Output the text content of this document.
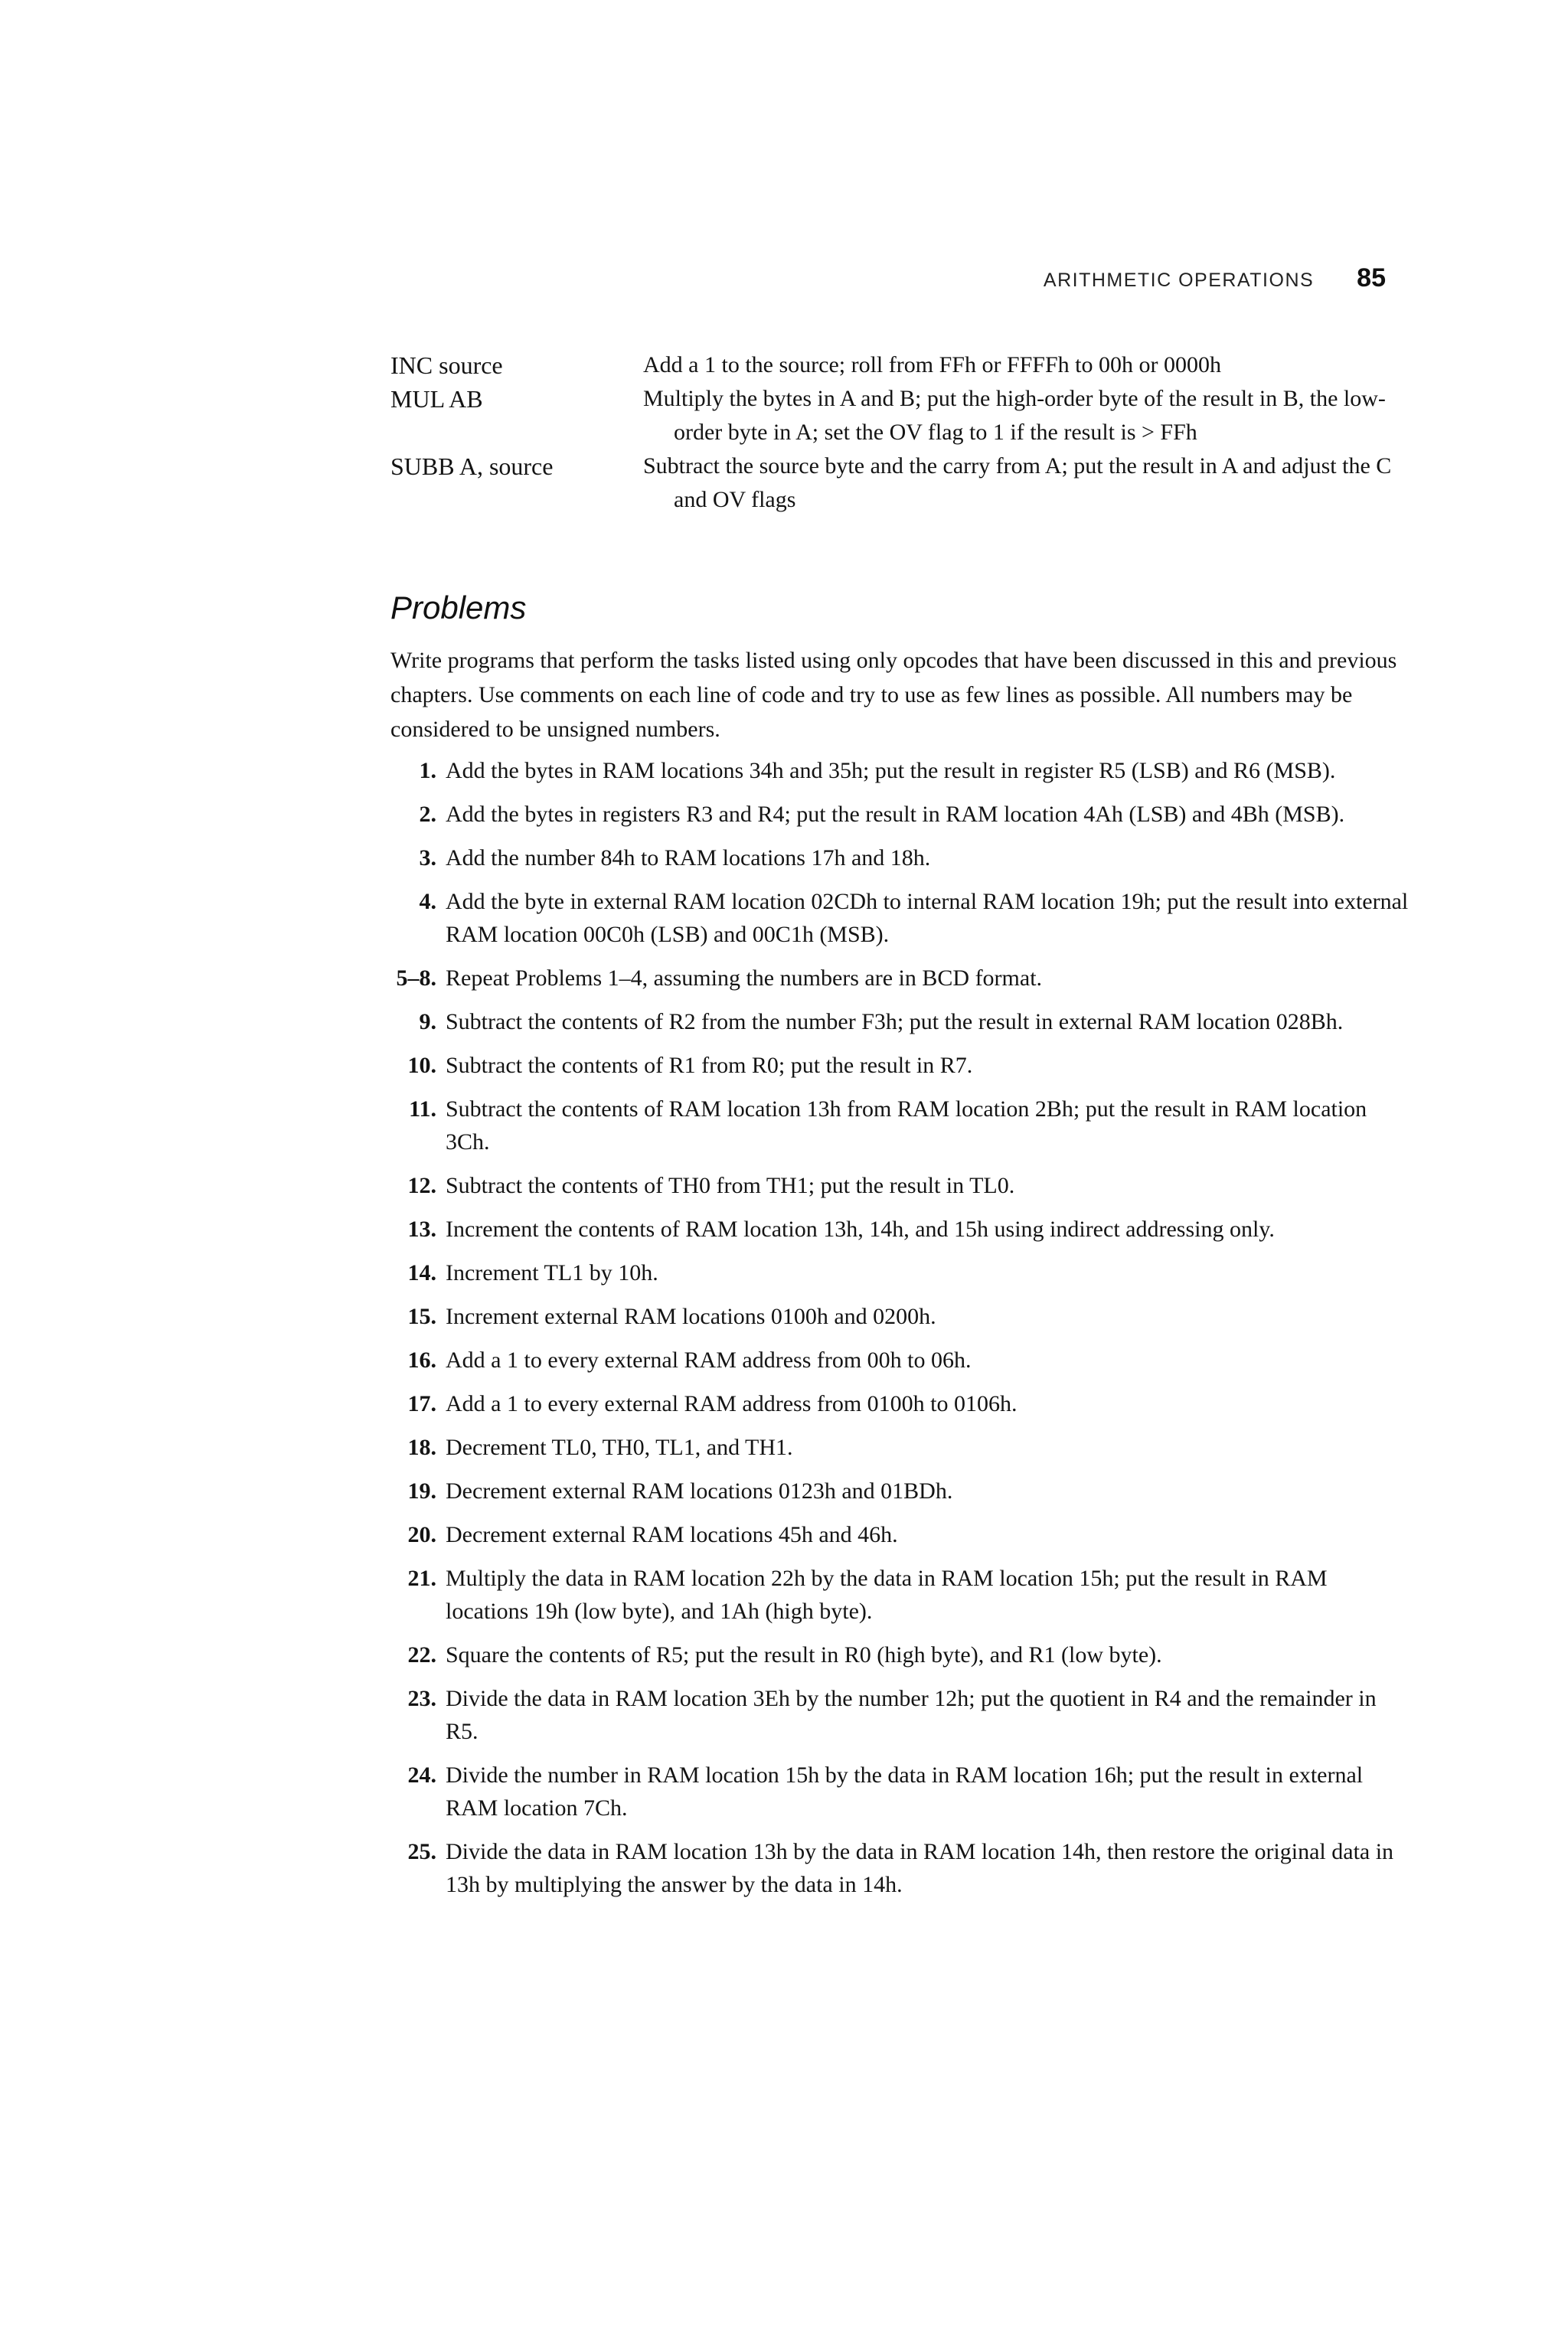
ARITHMETIC OPERATIONS 85
INC source	Add a 1 to the source; roll from FFh or FFFFh to 00h or 0000h
MUL AB	Multiply the bytes in A and B; put the high-order byte of the result in B, the low-order byte in A; set the OV flag to 1 if the result is > FFh
SUBB A, source	Subtract the source byte and the carry from A; put the result in A and adjust the C and OV flags
Problems
Write programs that perform the tasks listed using only opcodes that have been discussed in this and previous chapters. Use comments on each line of code and try to use as few lines as possible. All numbers may be considered to be unsigned numbers.
1. Add the bytes in RAM locations 34h and 35h; put the result in register R5 (LSB) and R6 (MSB).
2. Add the bytes in registers R3 and R4; put the result in RAM location 4Ah (LSB) and 4Bh (MSB).
3. Add the number 84h to RAM locations 17h and 18h.
4. Add the byte in external RAM location 02CDh to internal RAM location 19h; put the result into external RAM location 00C0h (LSB) and 00C1h (MSB).
5–8. Repeat Problems 1–4, assuming the numbers are in BCD format.
9. Subtract the contents of R2 from the number F3h; put the result in external RAM location 028Bh.
10. Subtract the contents of R1 from R0; put the result in R7.
11. Subtract the contents of RAM location 13h from RAM location 2Bh; put the result in RAM location 3Ch.
12. Subtract the contents of TH0 from TH1; put the result in TL0.
13. Increment the contents of RAM location 13h, 14h, and 15h using indirect addressing only.
14. Increment TL1 by 10h.
15. Increment external RAM locations 0100h and 0200h.
16. Add a 1 to every external RAM address from 00h to 06h.
17. Add a 1 to every external RAM address from 0100h to 0106h.
18. Decrement TL0, TH0, TL1, and TH1.
19. Decrement external RAM locations 0123h and 01BDh.
20. Decrement external RAM locations 45h and 46h.
21. Multiply the data in RAM location 22h by the data in RAM location 15h; put the result in RAM locations 19h (low byte), and 1Ah (high byte).
22. Square the contents of R5; put the result in R0 (high byte), and R1 (low byte).
23. Divide the data in RAM location 3Eh by the number 12h; put the quotient in R4 and the remainder in R5.
24. Divide the number in RAM location 15h by the data in RAM location 16h; put the result in external RAM location 7Ch.
25. Divide the data in RAM location 13h by the data in RAM location 14h, then restore the original data in 13h by multiplying the answer by the data in 14h.
